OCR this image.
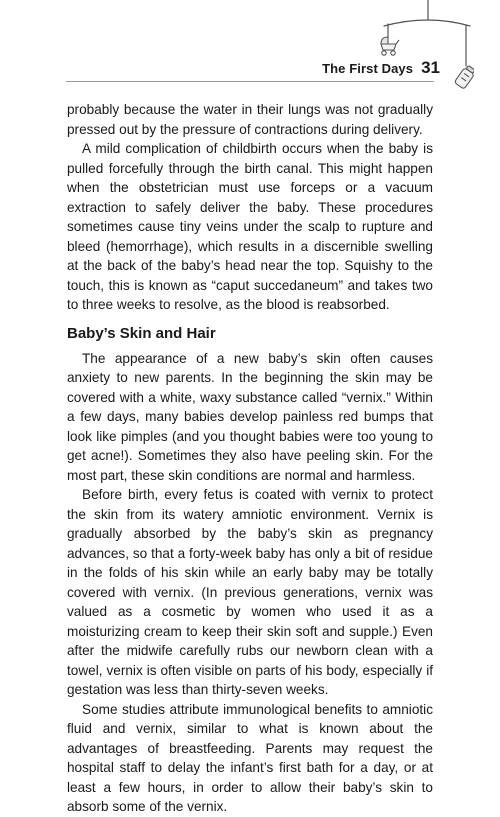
The First Days 31

probably because the water in their lungs was not gradually pressed out by the pressure of contractions during delivery.

A mild complication of childbirth occurs when the baby is pulled forcefully through the birth canal. This might happen when the obstetrician must use forceps or a vacuum extraction to safely deliver the baby. These procedures sometimes cause tiny veins under the scalp to rupture and bleed (hemorrhage), which results in a discernible swelling at the back of the baby’s head near the top. Squishy to the touch, this is known as “caput succedaneum” and takes two to three weeks to resolve, as the blood is reabsorbed.

Baby’s Skin and Hair

The appearance of a new baby’s skin often causes anxiety to new parents. In the beginning the skin may be covered with a white, waxy substance called “vernix.” Within a few days, many babies develop painless red bumps that look like pimples (and you thought babies were too young to get acne!). Sometimes they also have peeling skin. For the most part, these skin conditions are normal and harmless.

Before birth, every fetus is coated with vernix to protect the skin from its watery amniotic environment. Vernix is gradually absorbed by the baby’s skin as pregnancy advances, so that a forty-week baby has only a bit of residue in the folds of his skin while an early baby may be totally covered with vernix. (In previous generations, vernix was valued as a cosmetic by women who used it as a moisturizing cream to keep their skin soft and supple.) Even after the midwife carefully rubs our newborn clean with a towel, vernix is often visible on parts of his body, especially if gestation was less than thirty-seven weeks.

Some studies attribute immunological benefits to amniotic fluid and vernix, similar to what is known about the advantages of breastfeeding. Parents may request the hospital staff to delay the infant’s first bath for a day, or at least a few hours, in order to allow their baby’s skin to absorb some of the vernix.
